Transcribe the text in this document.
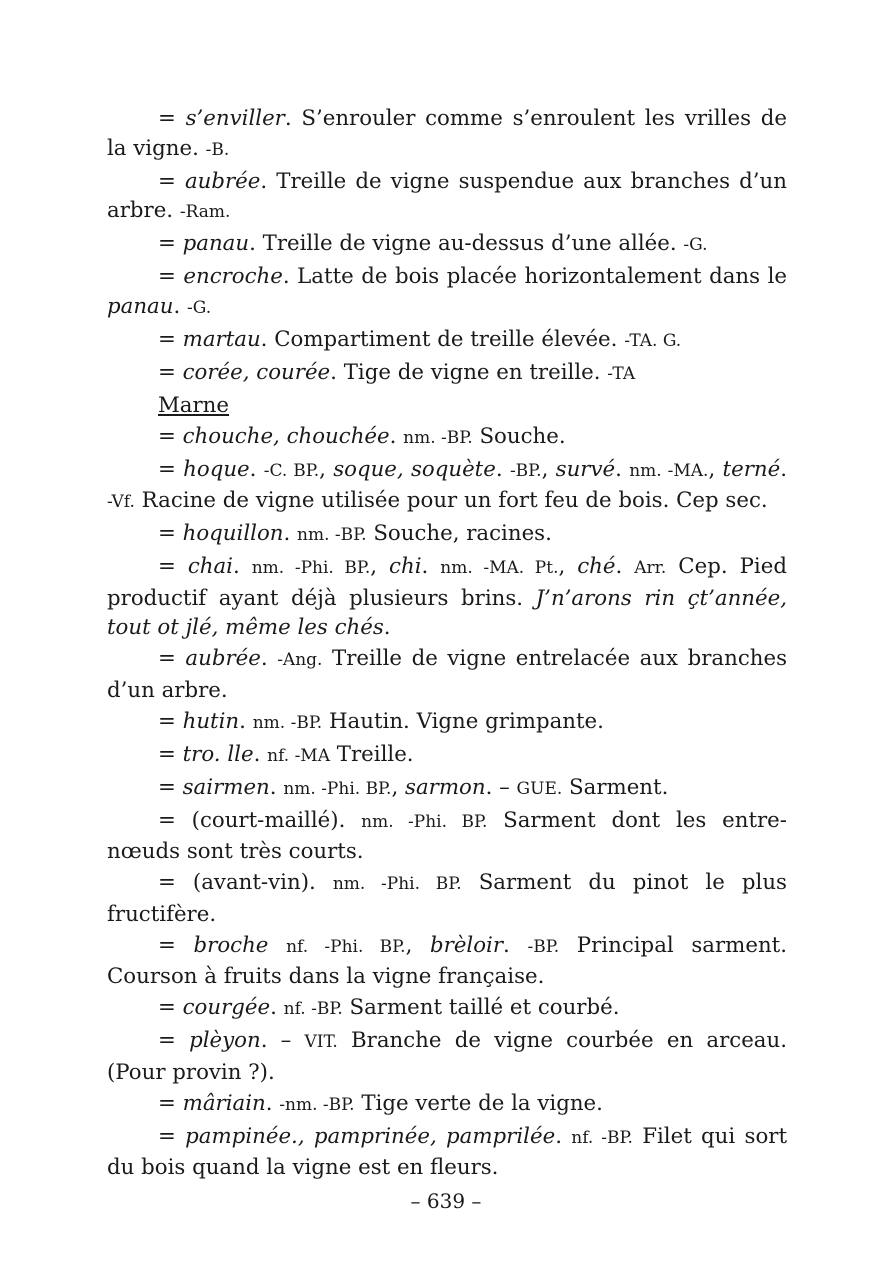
= s’enviller. S’enrouler comme s’enroulent les vrilles de la vigne. -B.

= aubrée. Treille de vigne suspendue aux branches d’un arbre. -Ram.

= panau. Treille de vigne au-dessus d’une allée. -G.

= encroche. Latte de bois placée horizontalement dans le panau. -G.

= martau. Compartiment de treille élevée. -TA. G.

= corée, courée. Tige de vigne en treille. -TA

Marne

= chouche, chouchée. nm. -BP. Souche.

= hoque. -C. BP., soque, soquète. -BP., survé. nm. -MA., terné. -Vf. Racine de vigne utilisée pour un fort feu de bois. Cep sec.

= hoquillon. nm. -BP. Souche, racines.

= chai. nm. -Phi. BP., chi. nm. -MA. Pt., ché. Arr. Cep. Pied productif ayant déjà plusieurs brins. J’n’arons rin çt’année, tout ot jlé, même les chés.

= aubrée. -Ang. Treille de vigne entrelacée aux branches d’un arbre.

= hutin. nm. -BP. Hautin. Vigne grimpante.

= tro. lle. nf. -MA Treille.

= sairmen. nm. -Phi. BP., sarmon. – GUE. Sarment.

= (court-maillé). nm. -Phi. BP. Sarment dont les entre-nœuds sont très courts.

= (avant-vin). nm. -Phi. BP. Sarment du pinot le plus fructifère.

= broche nf. -Phi. BP., brèloir. -BP. Principal sarment. Courson à fruits dans la vigne française.

= courgée. nf. -BP. Sarment taillé et courbé.

= plèyon. – VIT. Branche de vigne courbée en arceau. (Pour provin ?).

= mâriain. -nm. -BP. Tige verte de la vigne.

= pampinée., pamprinée, pamprilée. nf. -BP. Filet qui sort du bois quand la vigne est en fleurs.

– 639 –
